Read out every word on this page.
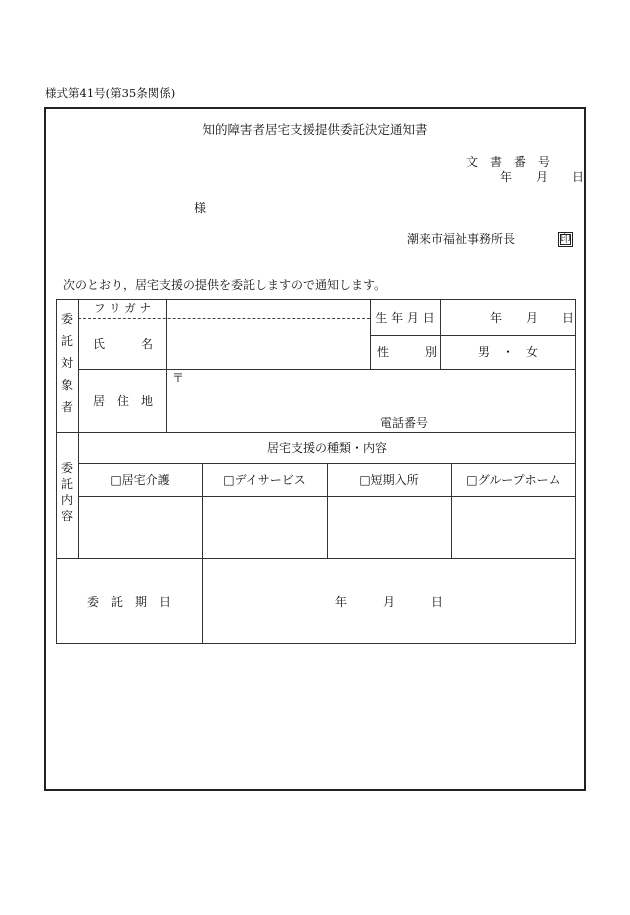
様式第41号(第35条関係)
知的障害者居宅支援提供委託決定通知書
文　書　番　号
年　　月　　日
様
潮来市福祉事務所長	印
次のとおり，居宅支援の提供を委託しますので通知します。
委
託
対
象
者
フ リ ガ ナ
氏　　　名
生 年 月 日	年　　月　　日
性　　　別	男　・　女
居　住　地
〒
電話番号
委
託
内
容
居宅支援の種類・内容
□居宅介護	□デイサービス	□短期入所	□グループホーム
委　託　期　日	年　　　月　　　日
